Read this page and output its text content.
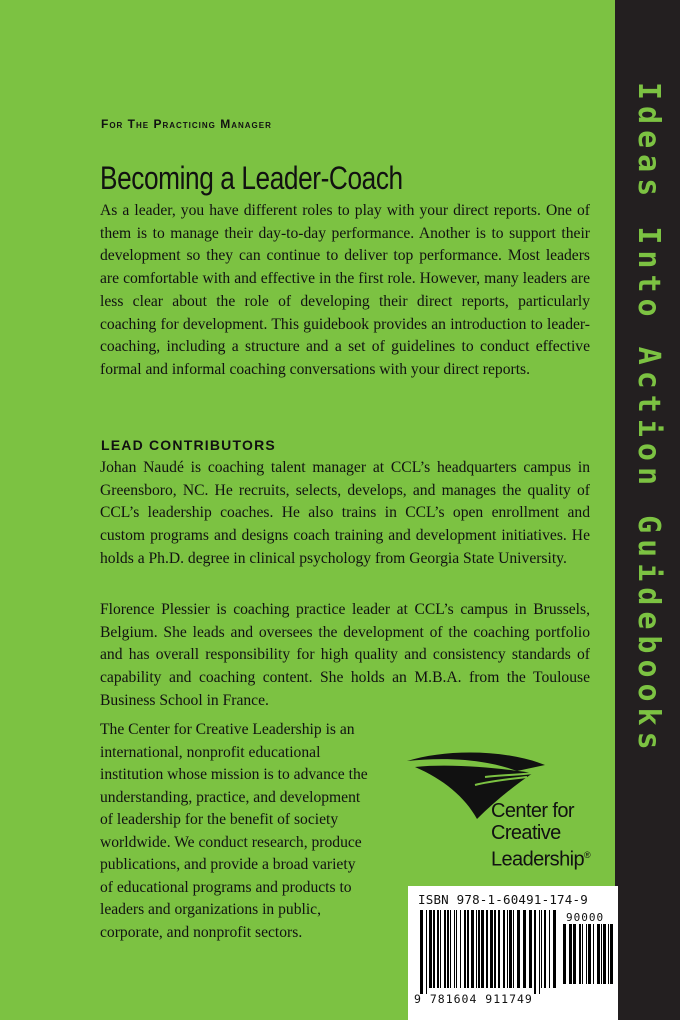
Ideas Into Action Guidebooks
For The Practicing Manager
Becoming a Leader-Coach

As a leader, you have different roles to play with your direct reports. One of them is to manage their day-to-day performance. Another is to support their development so they can continue to deliver top performance. Most leaders are comfortable with and effective in the first role. However, many leaders are less clear about the role of developing their direct reports, particularly coaching for development. This guidebook provides an introduction to leader-coaching, including a structure and a set of guidelines to conduct effective formal and informal coaching conversations with your direct reports.

LEAD CONTRIBUTORS

Johan Naudé is coaching talent manager at CCL’s headquarters campus in Greensboro, NC. He recruits, selects, develops, and manages the quality of CCL’s leadership coaches. He also trains in CCL’s open enrollment and custom programs and designs coach training and development initiatives. He holds a Ph.D. degree in clinical psychology from Georgia State University.

Florence Plessier is coaching practice leader at CCL’s campus in Brussels, Belgium. She leads and oversees the development of the coaching portfolio and has overall responsibility for high quality and consistency standards of capability and coaching content. She holds an M.B.A. from the Toulouse Business School in France.

The Center for Creative Leadership is an international, nonprofit educational institution whose mission is to advance the understanding, practice, and development of leadership for the benefit of society worldwide. We conduct research, produce publications, and provide a broad variety of educational programs and products to leaders and organizations in public, corporate, and nonprofit sectors.

Center for
Creative
Leadership®
ISBN 978-1-60491-174-9
90000
9 781604 911749
